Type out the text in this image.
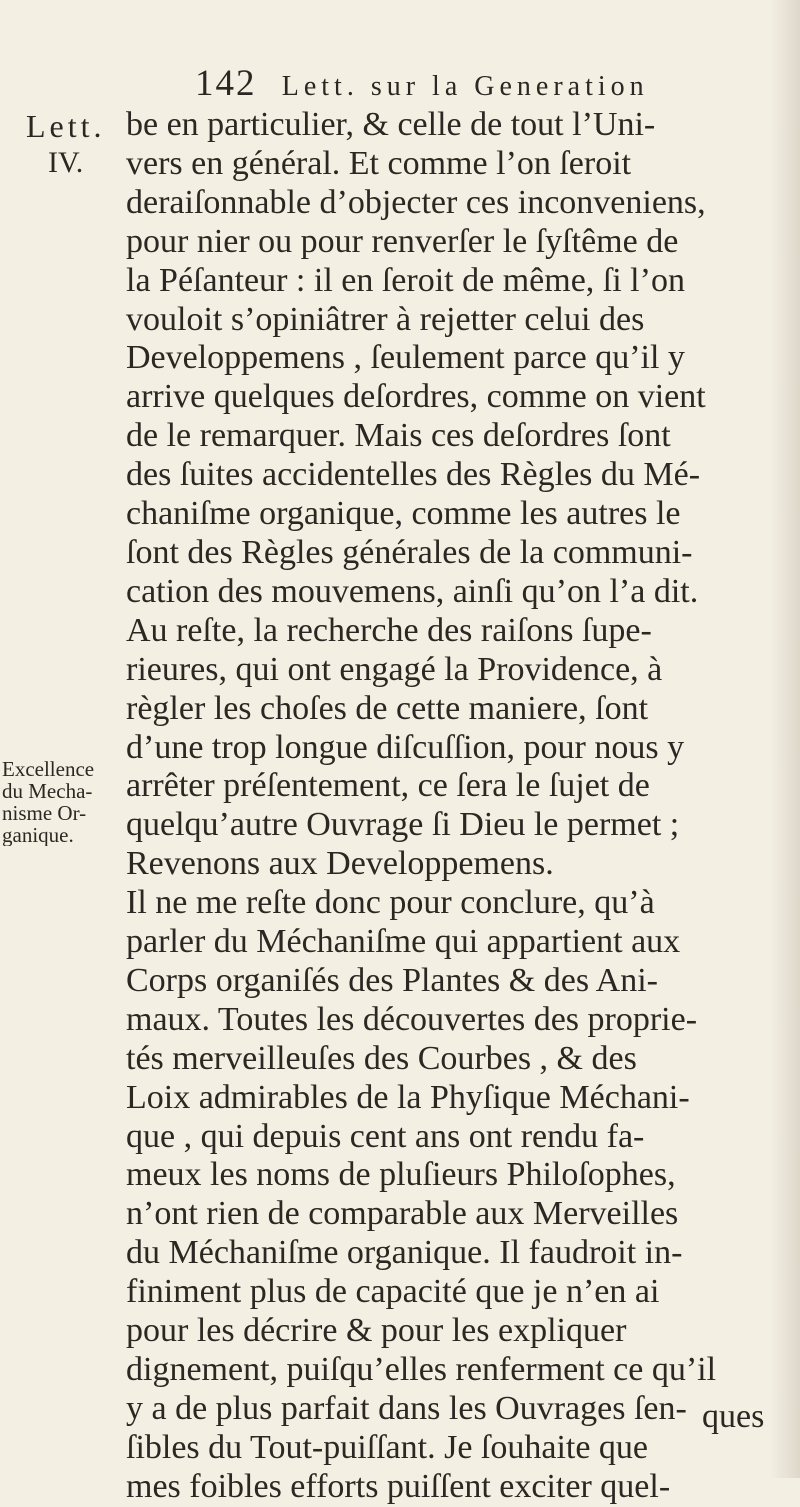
142 Lett. sur la Generation
Lett.
IV.
Excellence
du Mecha-
nisme Or-
ganique.
be en particulier, & celle de tout l’Uni-
vers en général. Et comme l’on ſeroit
deraiſonnable d’objecter ces inconveniens,
pour nier ou pour renverſer le ſyſtême de
la Péſanteur : il en ſeroit de même, ſi l’on
vouloit s’opiniâtrer à rejetter celui des
Developpemens , ſeulement parce qu’il y
arrive quelques deſordres, comme on vient
de le remarquer. Mais ces deſordres ſont
des ſuites accidentelles des Règles du Mé-
chaniſme organique, comme les autres le
ſont des Règles générales de la communi-
cation des mouvemens, ainſi qu’on l’a dit.
Au reſte, la recherche des raiſons ſupe-
rieures, qui ont engagé la Providence, à
règler les choſes de cette maniere, ſont
d’une trop longue diſcuſſion, pour nous y
arrêter préſentement, ce ſera le ſujet de
quelqu’autre Ouvrage ſi Dieu le permet ;
Revenons aux Developpemens.
Il ne me reſte donc pour conclure, qu’à
parler du Méchaniſme qui appartient aux
Corps organiſés des Plantes & des Ani-
maux. Toutes les découvertes des proprie-
tés merveilleuſes des Courbes , & des
Loix admirables de la Phyſique Méchani-
que , qui depuis cent ans ont rendu fa-
meux les noms de pluſieurs Philoſophes,
n’ont rien de comparable aux Merveilles
du Méchaniſme organique. Il faudroit in-
finiment plus de capacité que je n’en ai
pour les décrire & pour les expliquer
dignement, puiſqu’elles renferment ce qu’il
y a de plus parfait dans les Ouvrages ſen-
ſibles du Tout-puiſſant. Je ſouhaite que
mes foibles efforts puiſſent exciter quel-
ques
